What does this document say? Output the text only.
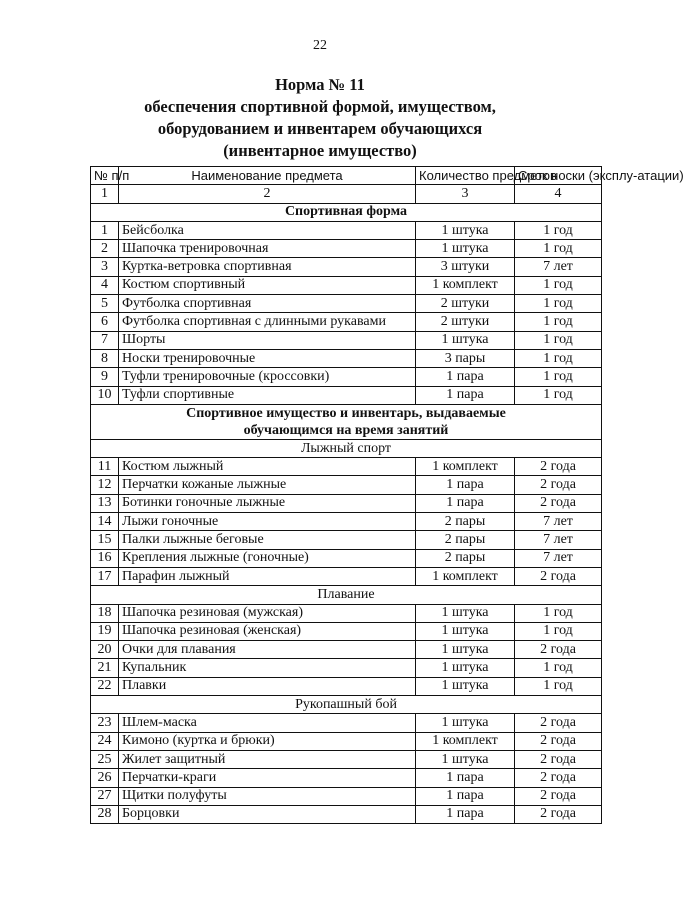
22
Норма № 11
обеспечения спортивной формой, имуществом,
оборудованием и инвентарем обучающихся
(инвентарное имущество)
№ п/п	Наименование предмета	Количество предметов	Срок носки (эксплу-атации)
1	2	3	4
Спортивная форма			
1	Бейсболка	1 штука	1 год
2	Шапочка тренировочная	1 штука	1 год
3	Куртка-ветровка спортивная	3 штуки	7 лет
4	Костюм спортивный	1 комплект	1 год
5	Футболка спортивная	2 штуки	1 год
6	Футболка спортивная с длинными рукавами	2 штуки	1 год
7	Шорты	1 штука	1 год
8	Носки тренировочные	3 пары	1 год
9	Туфли тренировочные (кроссовки)	1 пара	1 год
10	Туфли спортивные	1 пара	1 год
Спортивное имущество и инвентарь, выдаваемые
обучающимся на время занятий			
Лыжный спорт			
11	Костюм лыжный	1 комплект	2 года
12	Перчатки кожаные лыжные	1 пара	2 года
13	Ботинки гоночные лыжные	1 пара	2 года
14	Лыжи гоночные	2 пары	7 лет
15	Палки лыжные беговые	2 пары	7 лет
16	Крепления лыжные (гоночные)	2 пары	7 лет
17	Парафин лыжный	1 комплект	2 года
Плавание			
18	Шапочка резиновая (мужская)	1 штука	1 год
19	Шапочка резиновая (женская)	1 штука	1 год
20	Очки для плавания	1 штука	2 года
21	Купальник	1 штука	1 год
22	Плавки	1 штука	1 год
Рукопашный бой			
23	Шлем-маска	1 штука	2 года
24	Кимоно (куртка и брюки)	1 комплект	2 года
25	Жилет защитный	1 штука	2 года
26	Перчатки-краги	1 пара	2 года
27	Щитки полуфуты	1 пара	2 года
28	Борцовки	1 пара	2 года
